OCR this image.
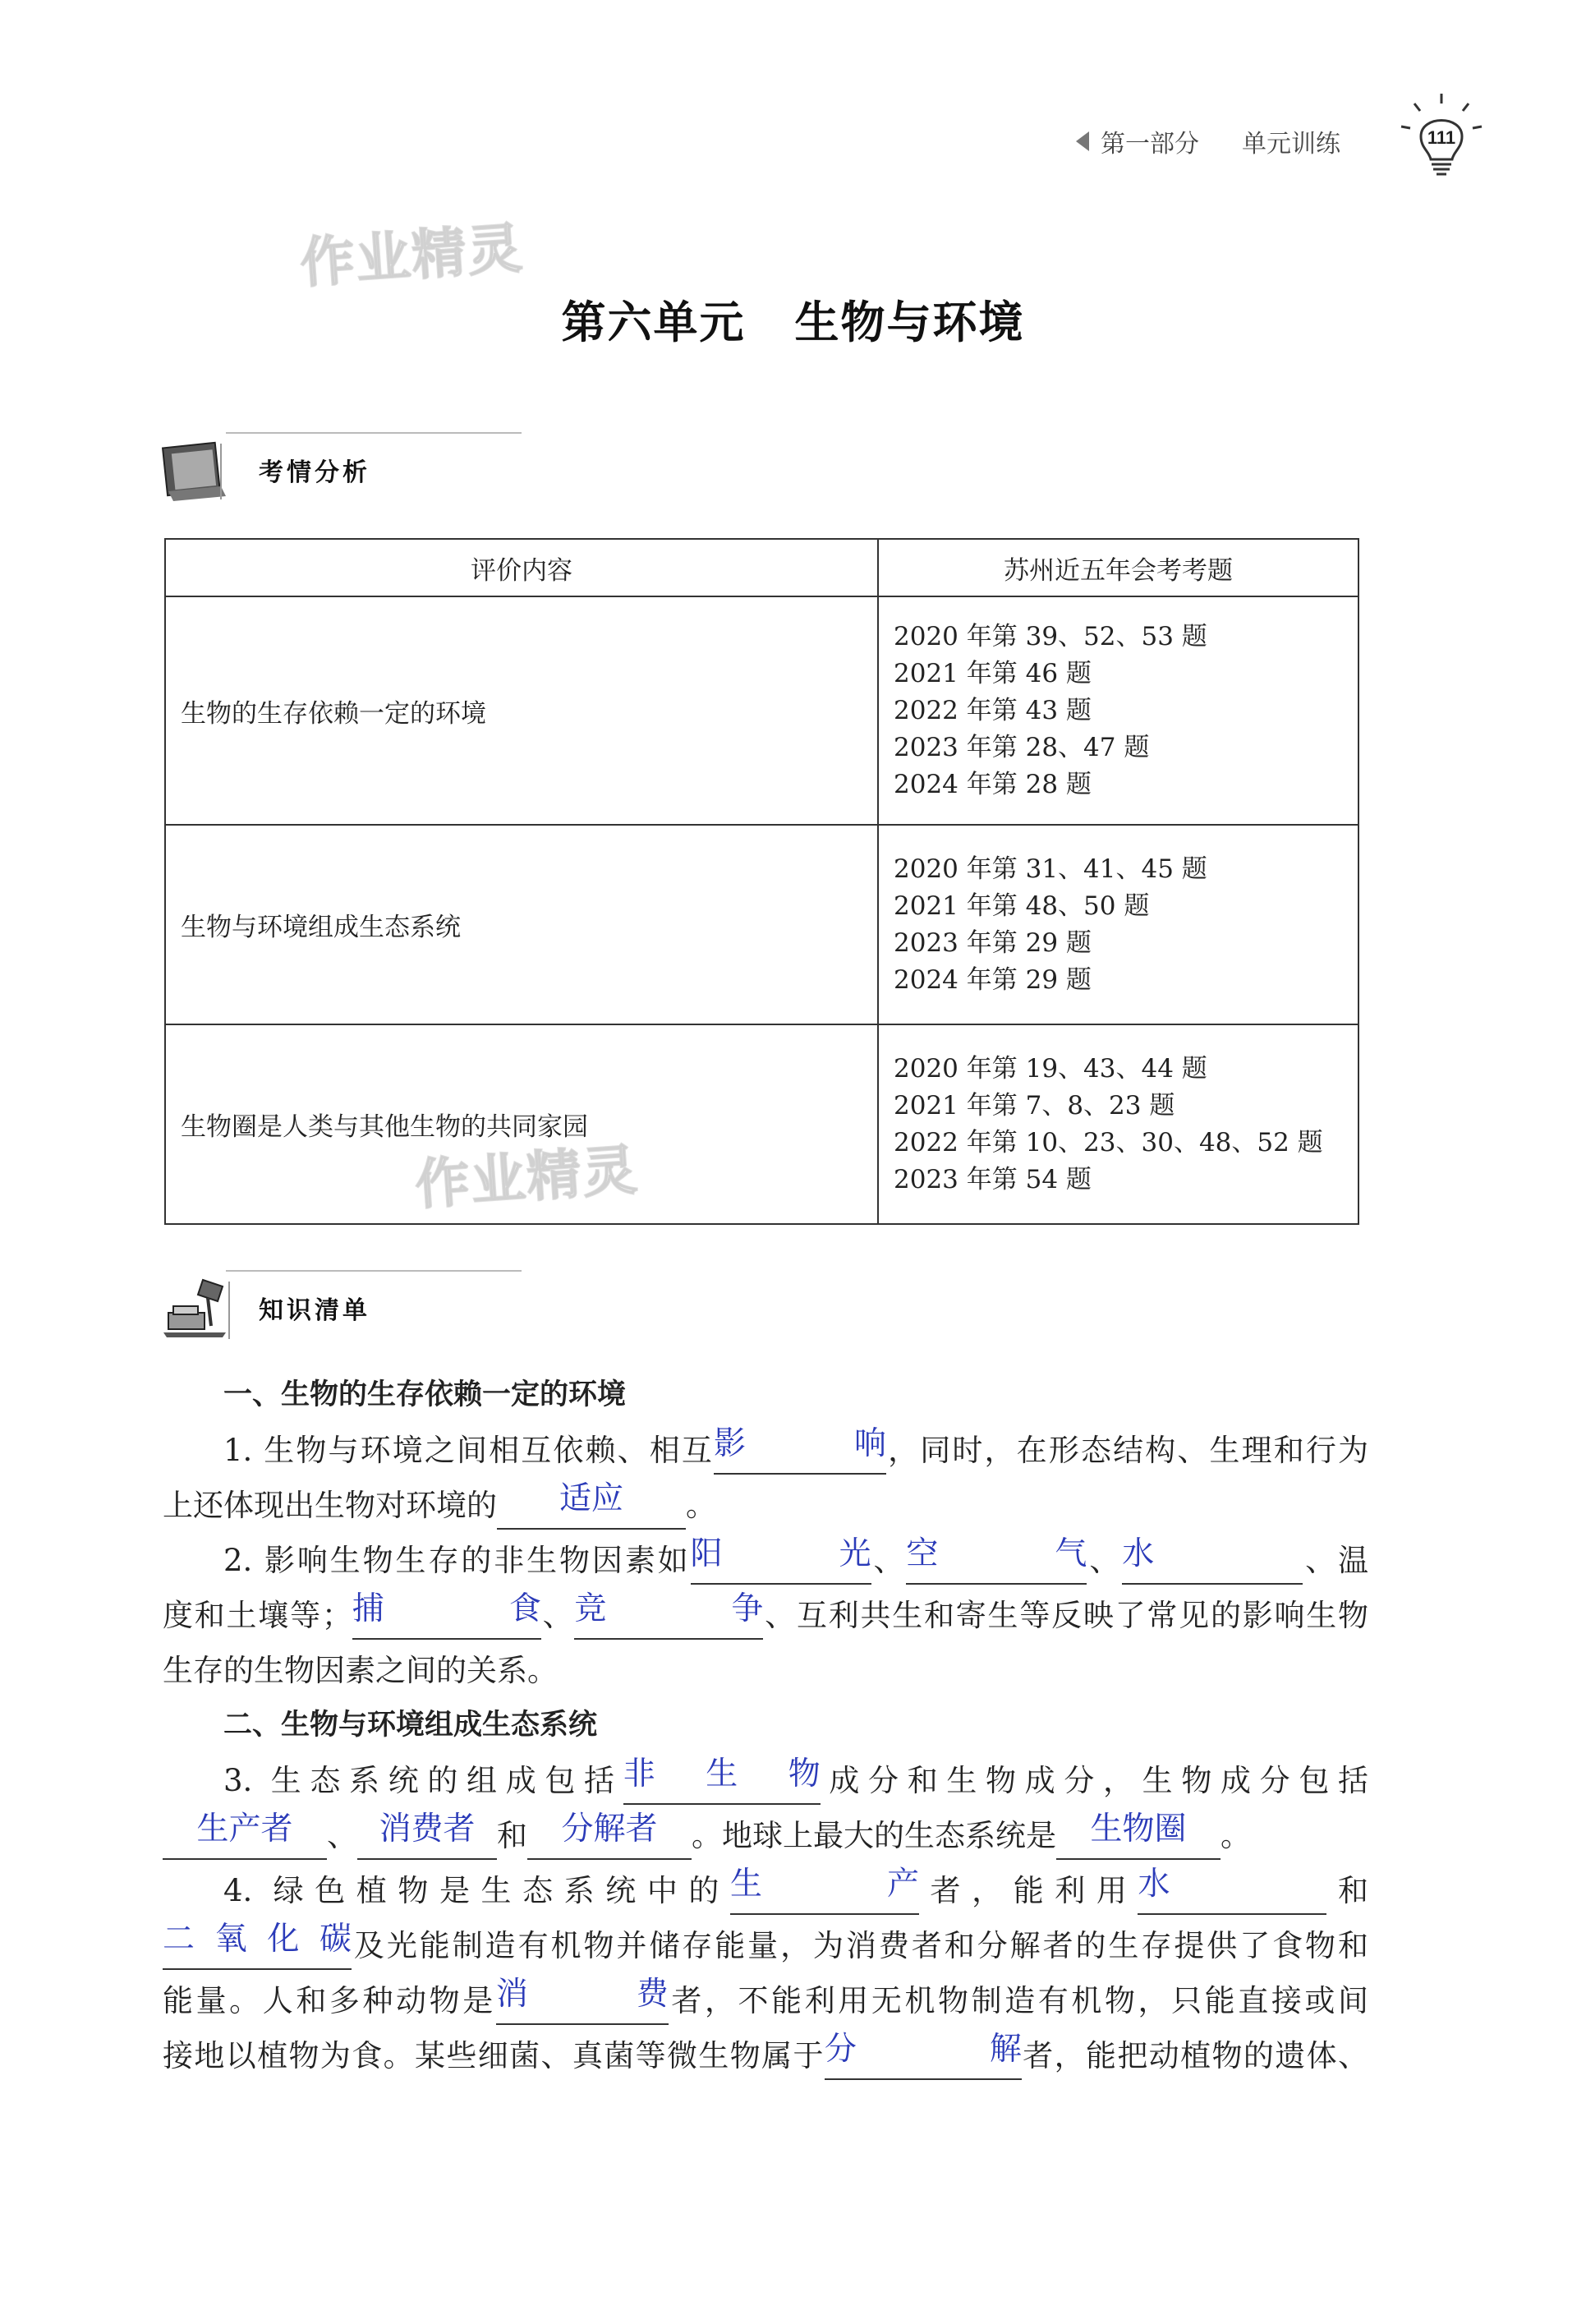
第一部分 单元训练	111
作业精灵
作业精灵
第六单元 生物与环境
考情分析
评价内容	苏州近五年会考考题
生物的生存依赖一定的环境	2020 年第 39、52、53 题
2021 年第 46 题
2022 年第 43 题
2023 年第 28、47 题
2024 年第 28 题

生物与环境组成生态系统	2020 年第 31、41、45 题
2021 年第 48、50 题
2023 年第 29 题
2024 年第 29 题

生物圈是人类与其他生物的共同家园	2020 年第 19、43、44 题
2021 年第 7、8、23 题
2022 年第 10、23、30、48、52 题
2023 年第 54 题
知识清单

一、生物的生存依赖一定的环境

1. 生物与环境之间相互依赖、相互影响，同时，在形态结构、生理和行为

上还体现出生物对环境的 适应 。

2. 影响生物生存的非生物因素如阳光、空气、水	、温

度和土壤等；捕食、竞争、互利共生和寄生等反映了常见的影响生物

生存的生物因素之间的关系。

二、生物与环境组成生态系统

3. 生态系统的组成包括非生物成分和生物成分，生物成分包括

生产者 、 消费者 和 分解者 。地球上最大的生态系统是 生物圈 。

4. 绿色植物是生态系统中的生产者，能利用水	和

二氧化碳及光能制造有机物并储存能量，为消费者和分解者的生存提供了食物和

能量。人和多种动物是消费者，不能利用无机物制造有机物，只能直接或间

接地以植物为食。某些细菌、真菌等微生物属于分解者，能把动植物的遗体、
